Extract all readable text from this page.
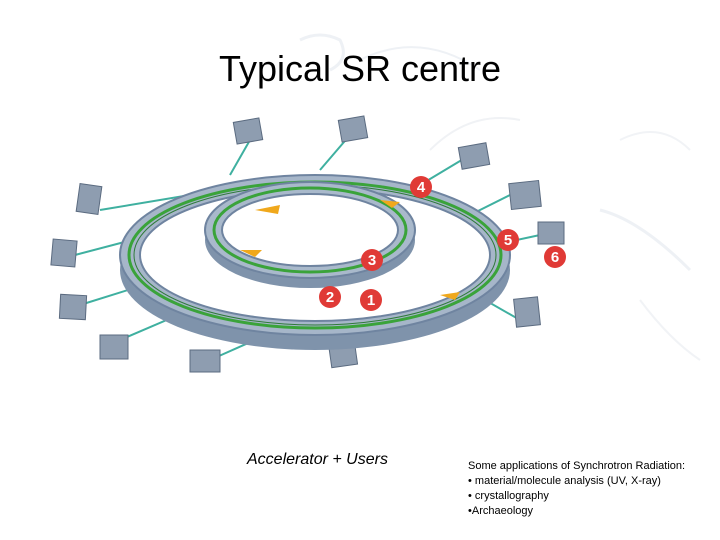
Typical SR centre
1
2
3
4
5
6
Accelerator + Users	Some applications of Synchrotron Radiation:
• material/molecule analysis (UV, X-ray)
• crystallography
•Archaeology
